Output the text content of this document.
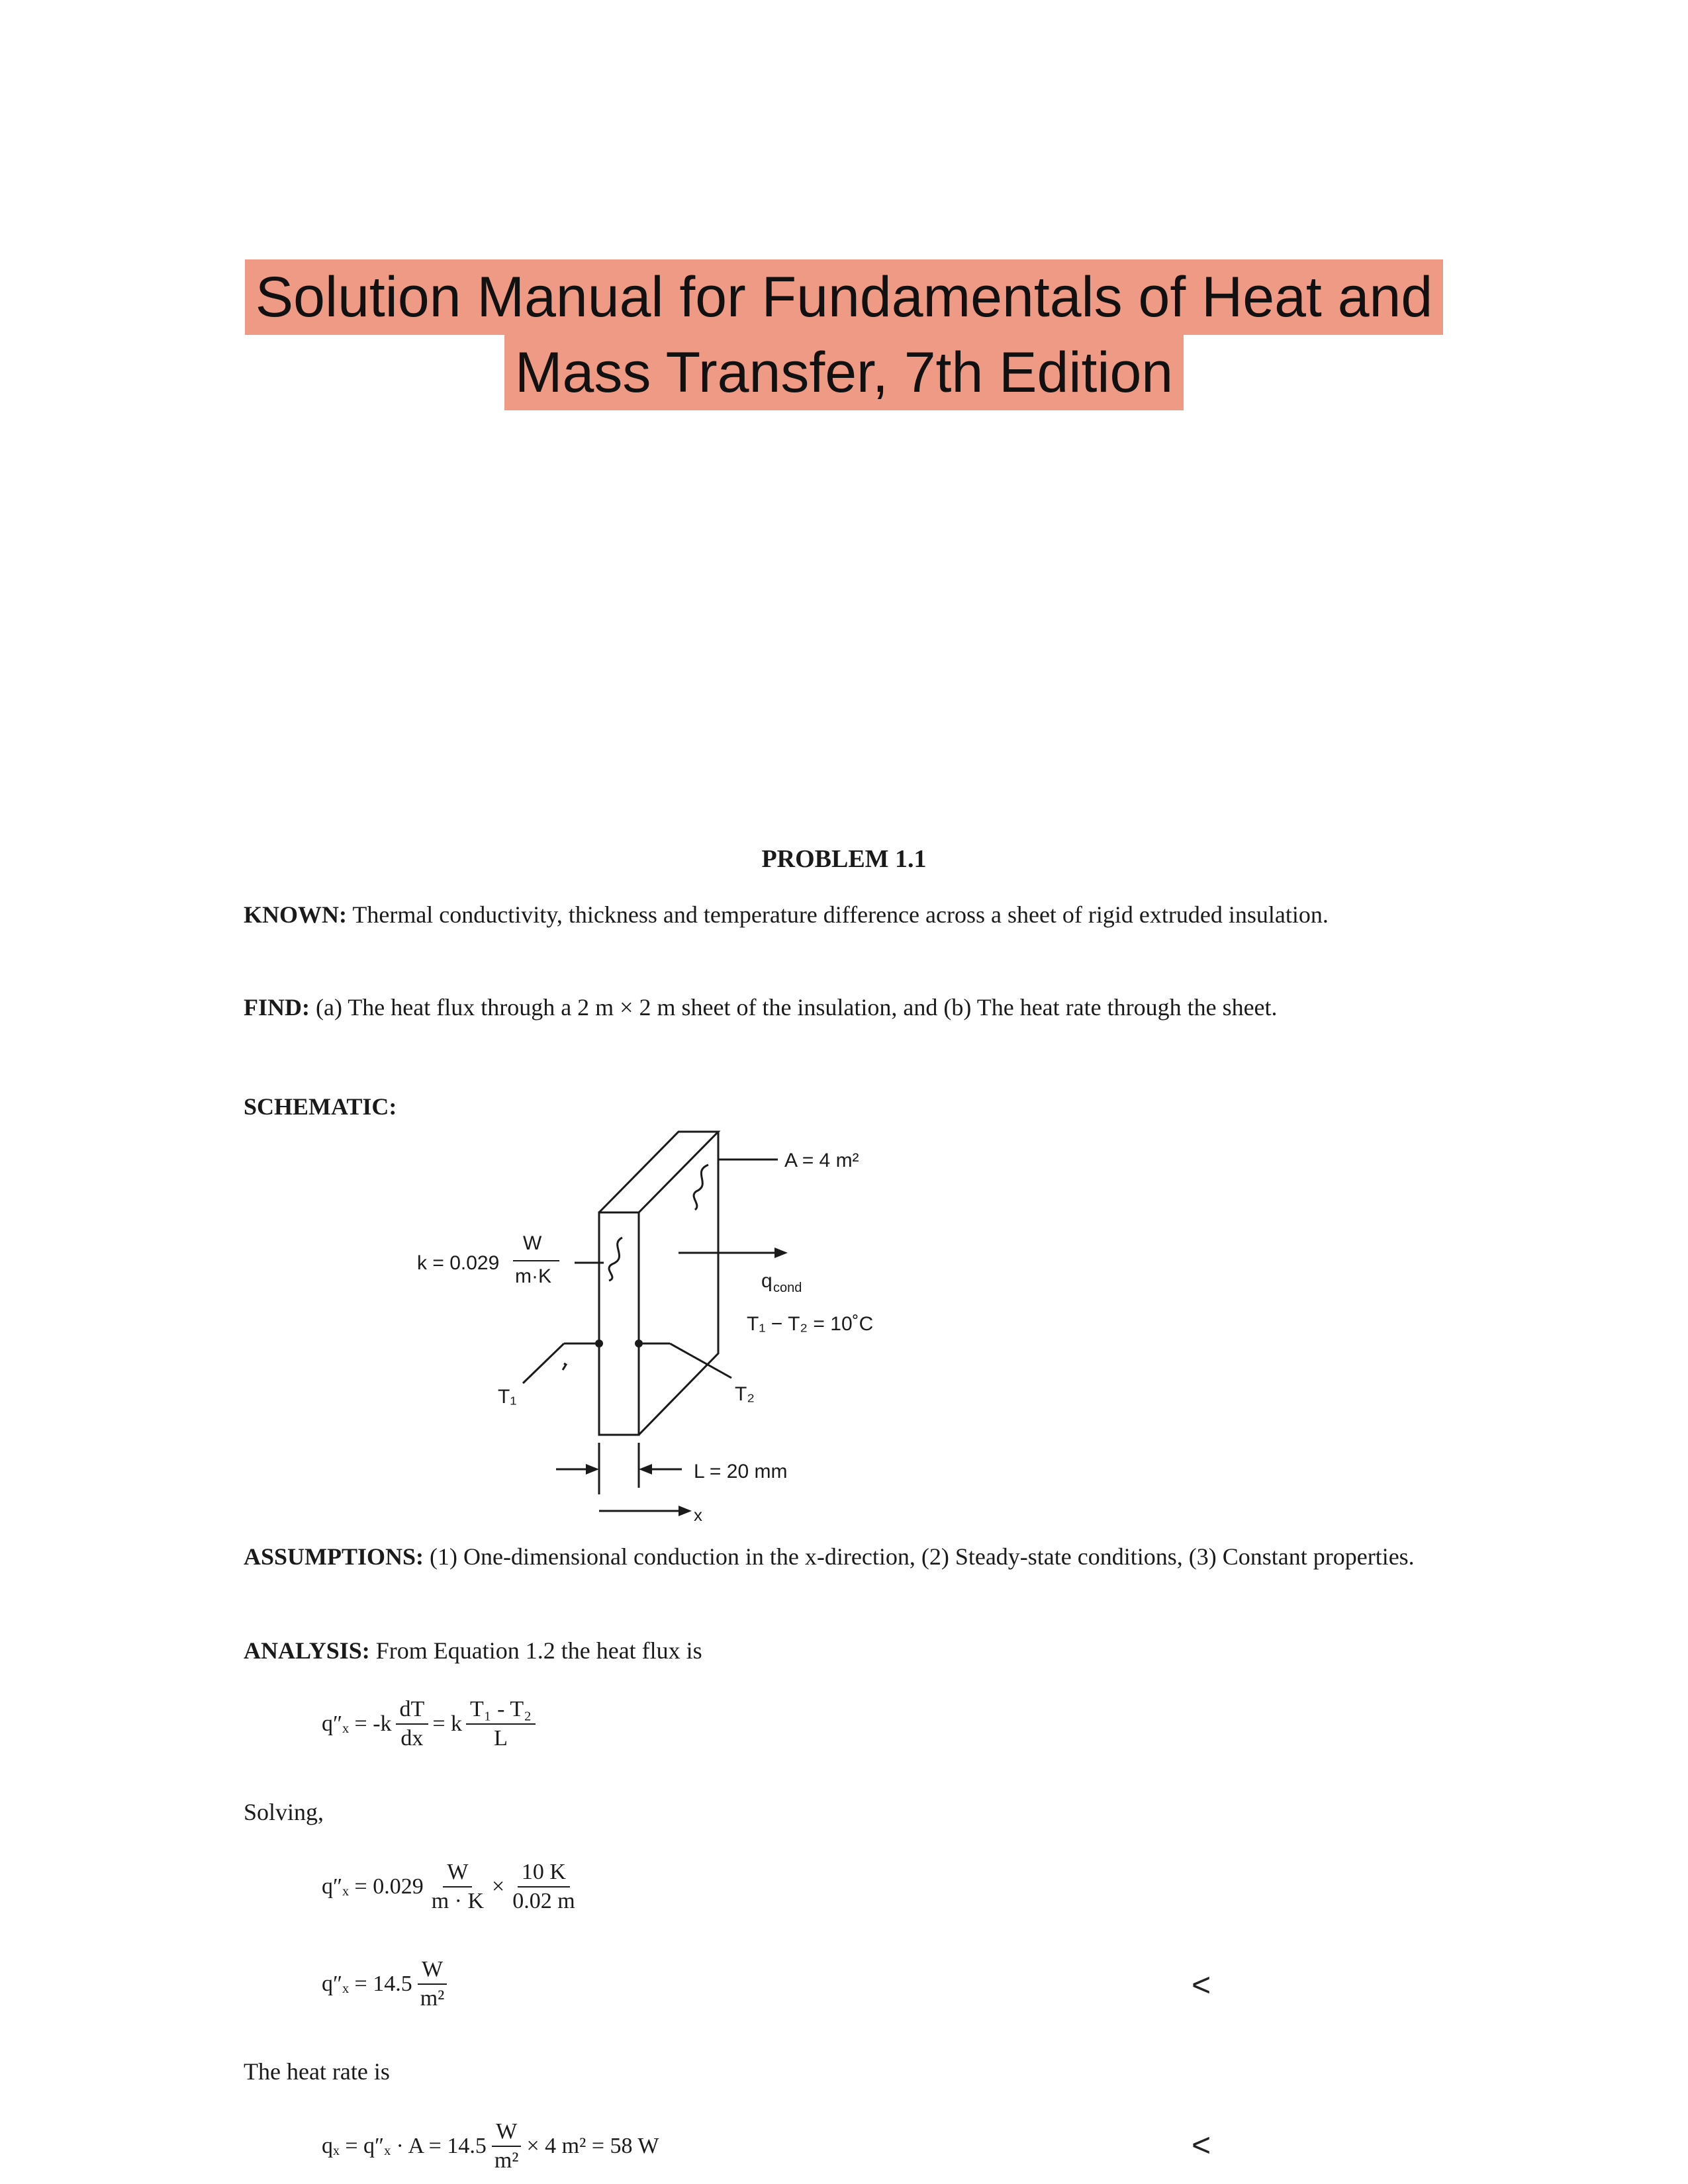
Solution Manual for Fundamentals of Heat and
Mass Transfer, 7th Edition
PROBLEM 1.1
KNOWN: Thermal conductivity, thickness and temperature difference across a sheet of rigid extruded insulation.
FIND: (a) The heat flux through a 2 m × 2 m sheet of the insulation, and (b) The heat rate through the sheet.
SCHEMATIC:
A = 4 m²
k = 0.029
W
m·K	q cond
T₁ − T₂ = 10˚C
T₁	T₂
L = 20 mm
x
ASSUMPTIONS: (1) One-dimensional conduction in the x-direction, (2) Steady-state conditions, (3) Constant properties.
ANALYSIS: From Equation 1.2 the heat flux is
$q''_x = -k \frac{dT}{dx} = k \frac{\text{T₁ - T₂}}{L}$
Solving,
$q''_x = 0.029 \frac{W}{m \cdot K} \times \frac{10 K}{0.02 m}$
$q''_x = 14.5 \frac{W}{\text{m²}}$	<
The heat rate is
$q_x = q''_x \cdot A = 14.5 \frac{W}{\text{m²}} \times 4$ m² = 58 W	<
